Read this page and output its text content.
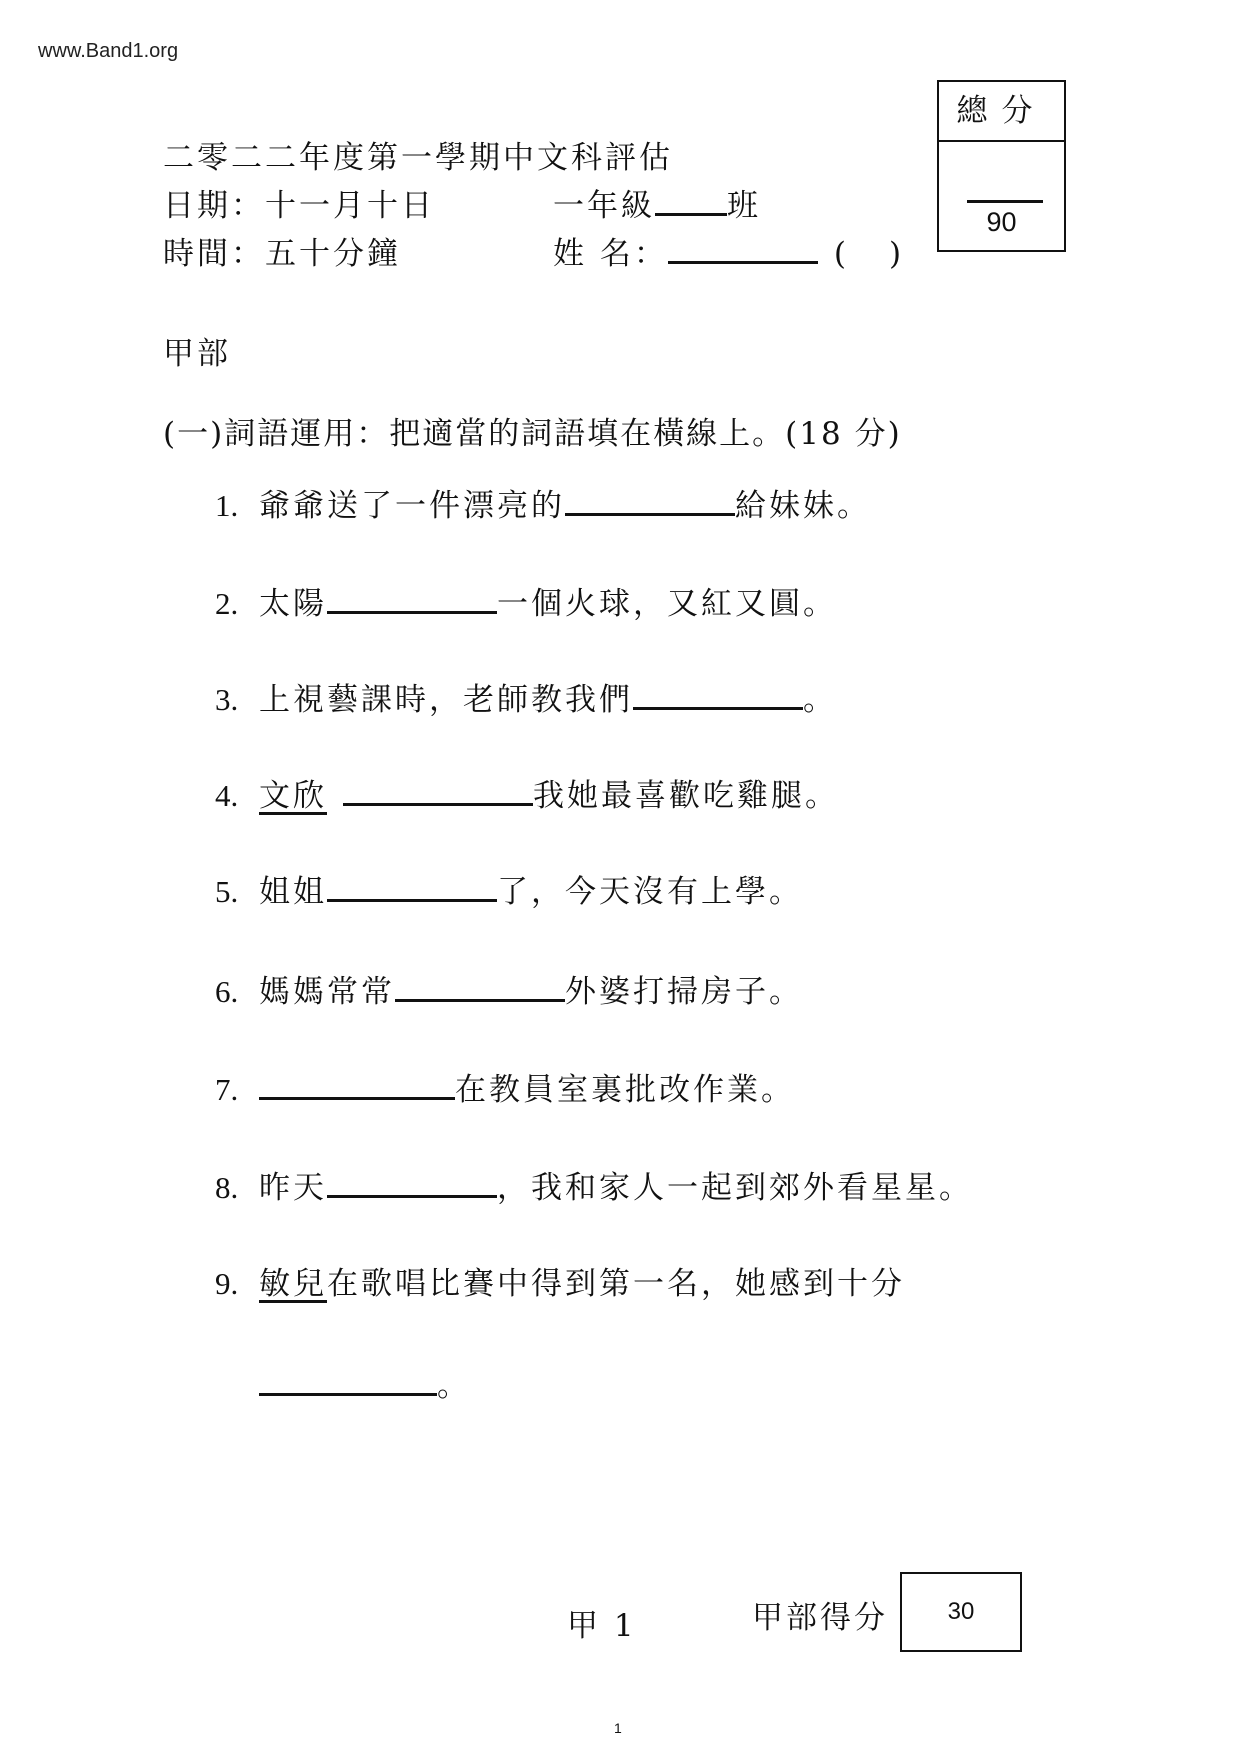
www.Band1.org
二零二二年度第一學期中文科評估
日期：十一月十日	一年級 班
時間：五十分鐘	姓 名：	( )
總分
90
甲部
(一)詞語運用：把適當的詞語填在橫線上。(18 分)
1. 爺爺送了一件漂亮的	給妹妹。
2. 太陽	一個火球，又紅又圓。
3. 上視藝課時，老師教我們	。
4. 文欣	我她最喜歡吃雞腿。
5. 姐姐	了，今天沒有上學。
6. 媽媽常常	外婆打掃房子。
7.	在教員室裏批改作業。
8. 昨天	，我和家人一起到郊外看星星。
9. 敏兒在歌唱比賽中得到第一名，她感到十分
。
甲 1	甲部得分	30
1
